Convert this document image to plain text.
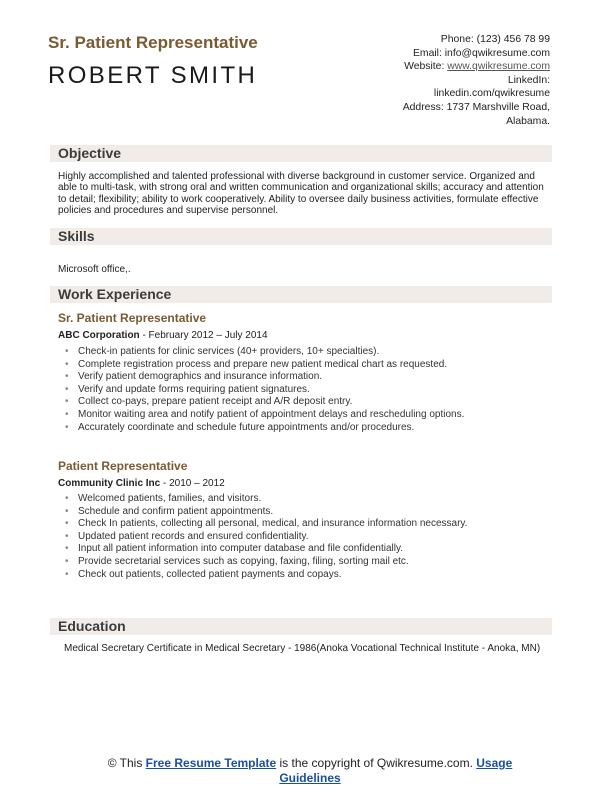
Sr. Patient Representative
ROBERT SMITH
Phone: (123) 456 78 99
Email: info@qwikresume.com
Website: www.qwikresume.com
LinkedIn:
linkedin.com/qwikresume
Address: 1737 Marshville Road,
Alabama.
Objective
Highly accomplished and talented professional with diverse background in customer service. Organized and able to multi-task, with strong oral and written communication and organizational skills; accuracy and attention to detail; flexibility; ability to work cooperatively. Ability to oversee daily business activities, formulate effective policies and procedures and supervise personnel.
Skills
Microsoft office,.
Work Experience
Sr. Patient Representative
ABC Corporation - February 2012 – July 2014
• Check-in patients for clinic services (40+ providers, 10+ specialties).
• Complete registration process and prepare new patient medical chart as requested.
• Verify patient demographics and insurance information.
• Verify and update forms requiring patient signatures.
• Collect co-pays, prepare patient receipt and A/R deposit entry.
• Monitor waiting area and notify patient of appointment delays and rescheduling options.
• Accurately coordinate and schedule future appointments and/or procedures.
Patient Representative
Community Clinic Inc - 2010 – 2012
• Welcomed patients, families, and visitors.
• Schedule and confirm patient appointments.
• Check In patients, collecting all personal, medical, and insurance information necessary.
• Updated patient records and ensured confidentiality.
• Input all patient information into computer database and file confidentially.
• Provide secretarial services such as copying, faxing, filing, sorting mail etc.
• Check out patients, collected patient payments and copays.
Education
Medical Secretary Certificate in Medical Secretary - 1986(Anoka Vocational Technical Institute - Anoka, MN)
© This Free Resume Template is the copyright of Qwikresume.com. Usage Guidelines
